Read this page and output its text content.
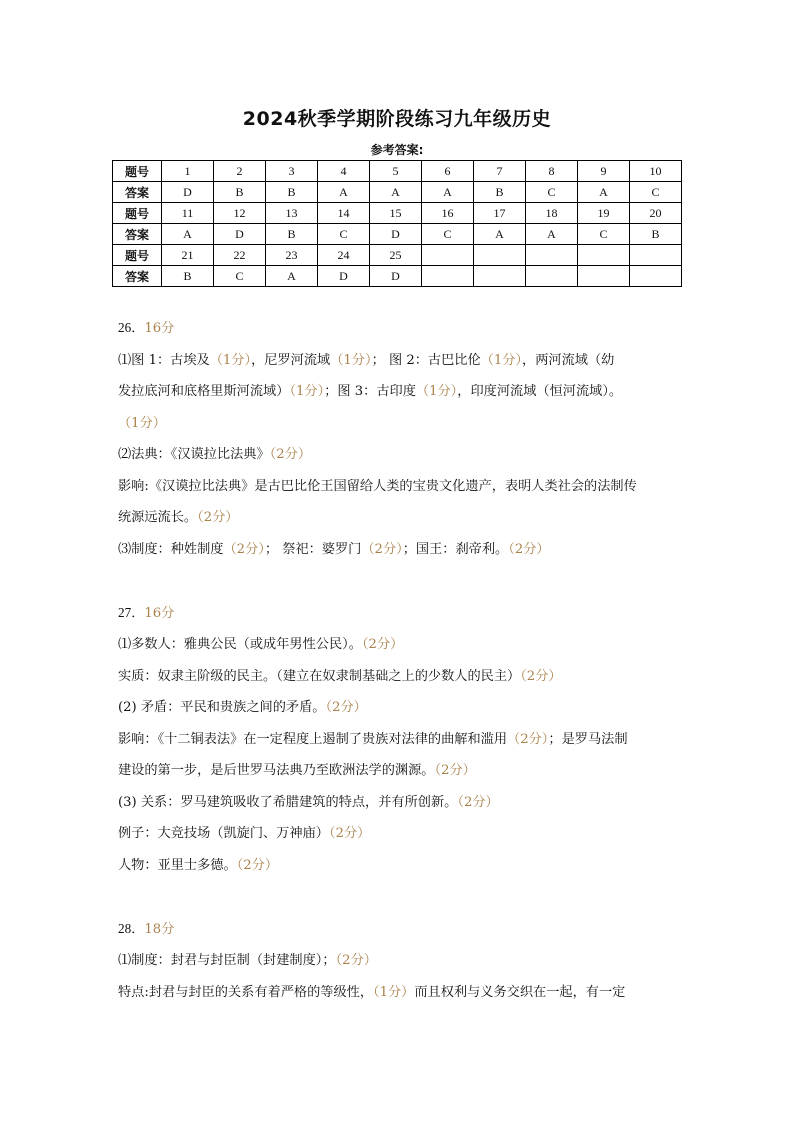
2024秋季学期阶段练习九年级历史
参考答案:
题号	1	2	3	4	5	6	7	8	9	10
答案	D	B	B	A	A	A	B	C	A	C
题号	11	12	13	14	15	16	17	18	19	20
答案	A	D	B	C	D	C	A	A	C	B
题号	21	22	23	24	25					
答案	B	C	A	D	D					

26．16分

⑴图 1：古埃及（1分），尼罗河流域（1分）； 图 2：古巴比伦（1分），两河流域（幼

发拉底河和底格里斯河流域）（1分）；图 3：古印度（1分），印度河流域（恒河流域）。

（1分）

⑵法典：《汉谟拉比法典》（2分）

影响:《汉谟拉比法典》是古巴比伦王国留给人类的宝贵文化遗产，表明人类社会的法制传

统源远流长。（2分）

⑶制度：种姓制度（2分）； 祭祀：婆罗门（2分）；国王：刹帝利。（2分）

27．16分

⑴多数人：雅典公民（或成年男性公民）。（2分）

实质：奴隶主阶级的民主。（建立在奴隶制基础之上的少数人的民主）（2分）

(2) 矛盾：平民和贵族之间的矛盾。（2分）

影响：《十二铜表法》在一定程度上遏制了贵族对法律的曲解和滥用（2分）；是罗马法制

建设的第一步，是后世罗马法典乃至欧洲法学的渊源。（2分）

(3) 关系：罗马建筑吸收了希腊建筑的特点，并有所创新。（2分）

例子：大竞技场（凯旋门、万神庙）（2分）

人物：亚里士多德。（2分）

28．18分

⑴制度：封君与封臣制（封建制度）；（2分）

特点:封君与封臣的关系有着严格的等级性，（1分）而且权利与义务交织在一起，有一定
